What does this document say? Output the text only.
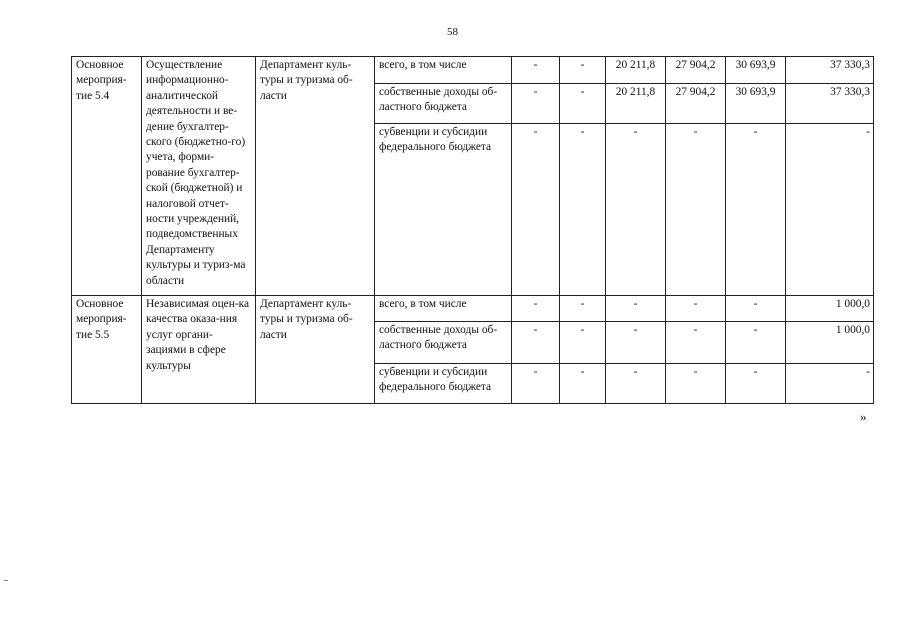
58
Основное мероприя-тие 5.4	Осуществление информационно-аналитической деятельности и ве-дение бухгалтер-ского (бюджетно-го) учета, форми-рование бухгалтер-ской (бюджетной) и налоговой отчет-ности учреждений, подведомственных Департаменту культуры и туриз-ма области	Департамент куль-туры и туризма об-ласти	всего, в том числе	-	-	20 211,8	27 904,2	30 693,9	37 330,3
			собственные доходы об-ластного бюджета	-	-	20 211,8	27 904,2	30 693,9	37 330,3
			субвенции и субсидии федерального бюджета	-	-	-	-	-	-
Основное мероприя-тие 5.5	Независимая оцен-ка качества оказа-ния услуг органи-зациями в сфере культуры	Департамент куль-туры и туризма об-ласти	всего, в том числе	-	-	-	-	-	1 000,0
			собственные доходы об-ластного бюджета	-	-	-	-	-	1 000,0
			субвенции и субсидии федерального бюджета	-	-	-	-	-	-
»
